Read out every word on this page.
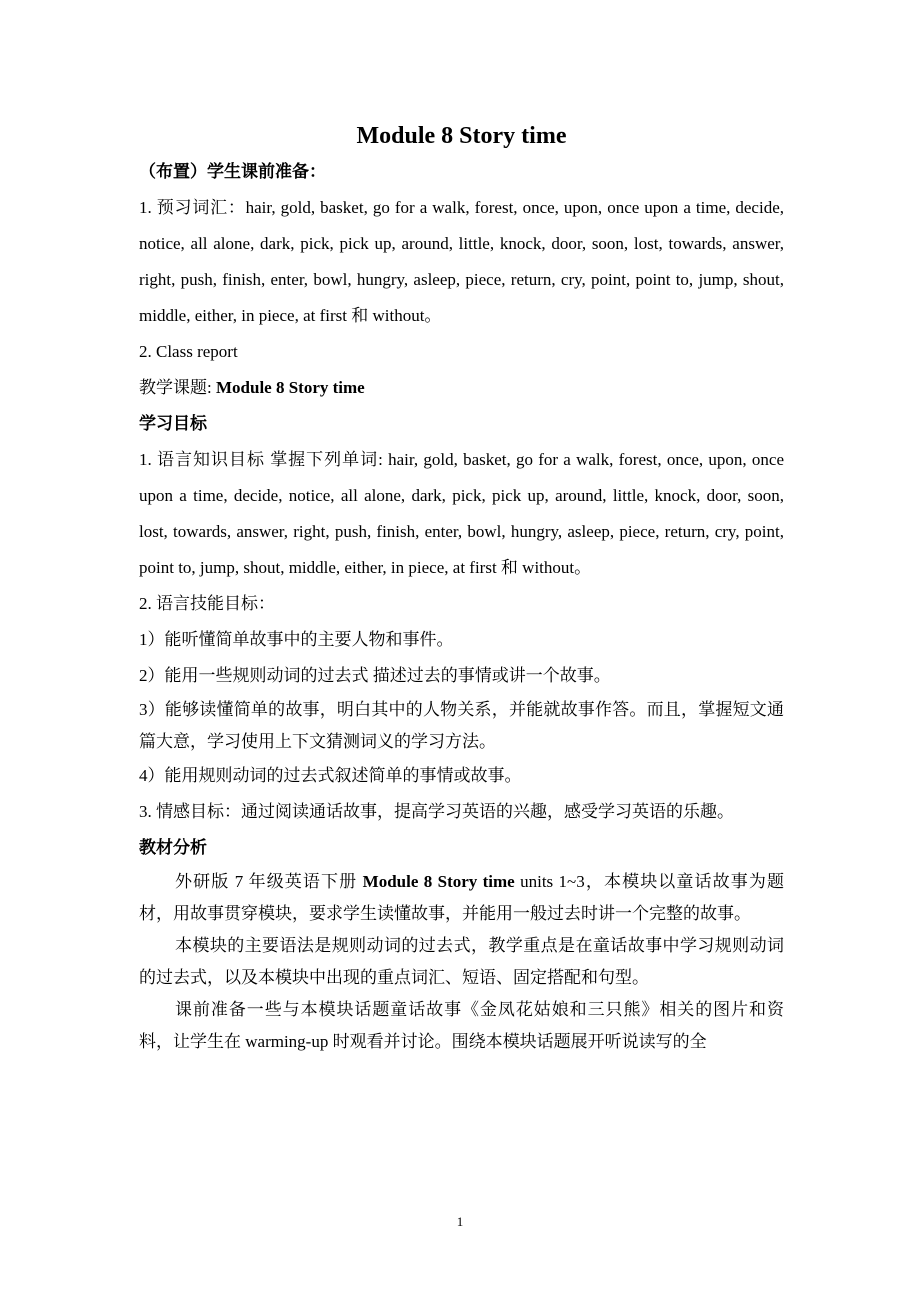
Module 8 Story time

（布置）学生课前准备：

1. 预习词汇：hair, gold, basket, go for a walk, forest, once, upon, once upon a time, decide, notice, all alone, dark, pick, pick up, around, little, knock, door, soon, lost, towards, answer, right, push, finish, enter, bowl, hungry, asleep, piece, return, cry, point, point to, jump, shout, middle, either, in piece, at first 和 without。

2. Class report

教学课题: Module 8 Story time

学习目标

1. 语言知识目标 掌握下列单词: hair, gold, basket, go for a walk, forest, once, upon, once upon a time, decide, notice, all alone, dark, pick, pick up, around, little, knock, door, soon, lost, towards, answer, right, push, finish, enter, bowl, hungry, asleep, piece, return, cry, point, point to, jump, shout, middle, either, in piece, at first 和 without。

2. 语言技能目标：

1）能听懂简单故事中的主要人物和事件。

2）能用一些规则动词的过去式 描述过去的事情或讲一个故事。

3）能够读懂简单的故事，明白其中的人物关系，并能就故事作答。而且，掌握短文通篇大意，学习使用上下文猜测词义的学习方法。

4）能用规则动词的过去式叙述简单的事情或故事。

3. 情感目标：通过阅读通话故事，提高学习英语的兴趣，感受学习英语的乐趣。

教材分析

外研版 7 年级英语下册 Module 8 Story time units 1~3，本模块以童话故事为题材，用故事贯穿模块，要求学生读懂故事，并能用一般过去时讲一个完整的故事。

本模块的主要语法是规则动词的过去式，教学重点是在童话故事中学习规则动词的过去式，以及本模块中出现的重点词汇、短语、固定搭配和句型。

课前准备一些与本模块话题童话故事《金凤花姑娘和三只熊》相关的图片和资料，让学生在 warming-up 时观看并讨论。围绕本模块话题展开听说读写的全

1
